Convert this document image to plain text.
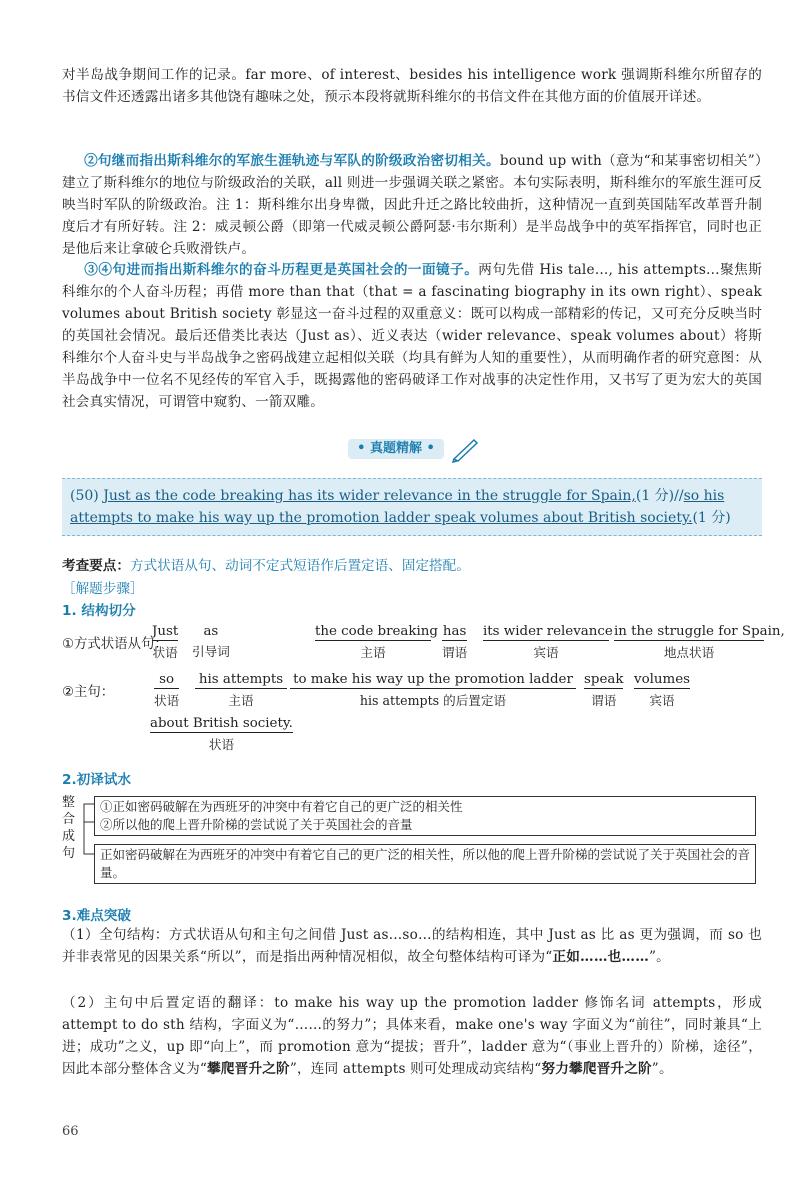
对半岛战争期间工作的记录。far more、of interest、besides his intelligence work 强调斯科维尔所留存的书信文件还透露出诸多其他饶有趣味之处，预示本段将就斯科维尔的书信文件在其他方面的价值展开详述。
②句继而指出斯科维尔的军旅生涯轨迹与军队的阶级政治密切相关。bound up with（意为“和某事密切相关”）建立了斯科维尔的地位与阶级政治的关联，all 则进一步强调关联之紧密。本句实际表明，斯科维尔的军旅生涯可反映当时军队的阶级政治。注 1：斯科维尔出身卑微，因此升迁之路比较曲折，这种情况一直到英国陆军改革晋升制度后才有所好转。注 2：威灵顿公爵（即第一代威灵顿公爵阿瑟·韦尔斯利）是半岛战争中的英军指挥官，同时也正是他后来让拿破仑兵败滑铁卢。
③④句进而指出斯科维尔的奋斗历程更是英国社会的一面镜子。两句先借 His tale…, his attempts…聚焦斯科维尔的个人奋斗历程；再借 more than that（that = a fascinating biography in its own right）、speak volumes about British society 彰显这一奋斗过程的双重意义：既可以构成一部精彩的传记，又可充分反映当时的英国社会情况。最后还借类比表达（Just as）、近义表达（wider relevance、speak volumes about）将斯科维尔个人奋斗史与半岛战争之密码战建立起相似关联（均具有鲜为人知的重要性），从而明确作者的研究意图：从半岛战争中一位名不见经传的军官入手，既揭露他的密码破译工作对战事的决定性作用，又书写了更为宏大的英国社会真实情况，可谓管中窥豹、一箭双雕。
• 真题精解 •
(50) Just as the code breaking has its wider relevance in the struggle for Spain,(1 分)//so his attempts to make his way up the promotion ladder speak volumes about British society.(1 分)
考查要点：方式状语从句、动词不定式短语作后置定语、固定搭配。
［解题步骤］
1. 结构切分
①方式状语从句：
Just
状语
as
引导词
the code breaking
主语
has
谓语
its wider relevance
宾语
in the struggle for Spain,
地点状语
②主句：
so
状语
his attempts
主语
to make his way up the promotion ladder
his attempts 的后置定语
speak
谓语
volumes
宾语
about British society.
状语
2.初译试水
整合成句
①正如密码破解在为西班牙的冲突中有着它自己的更广泛的相关性
②所以他的爬上晋升阶梯的尝试说了关于英国社会的音量
正如密码破解在为西班牙的冲突中有着它自己的更广泛的相关性，所以他的爬上晋升阶梯的尝试说了关于英国社会的音量。
3.难点突破
（1）全句结构：方式状语从句和主句之间借 Just as…so…的结构相连，其中 Just as 比 as 更为强调，而 so 也并非表常见的因果关系“所以”，而是指出两种情况相似，故全句整体结构可译为“正如……也……”。
（2）主句中后置定语的翻译：to make his way up the promotion ladder 修饰名词 attempts，形成 attempt to do sth 结构，字面义为“……的努力”；具体来看，make one's way 字面义为“前往”，同时兼具“上进；成功”之义，up 即“向上”，而 promotion 意为“提拔；晋升”，ladder 意为“（事业上晋升的）阶梯，途径”，因此本部分整体含义为“攀爬晋升之阶”，连同 attempts 则可处理成动宾结构“努力攀爬晋升之阶”。
66
